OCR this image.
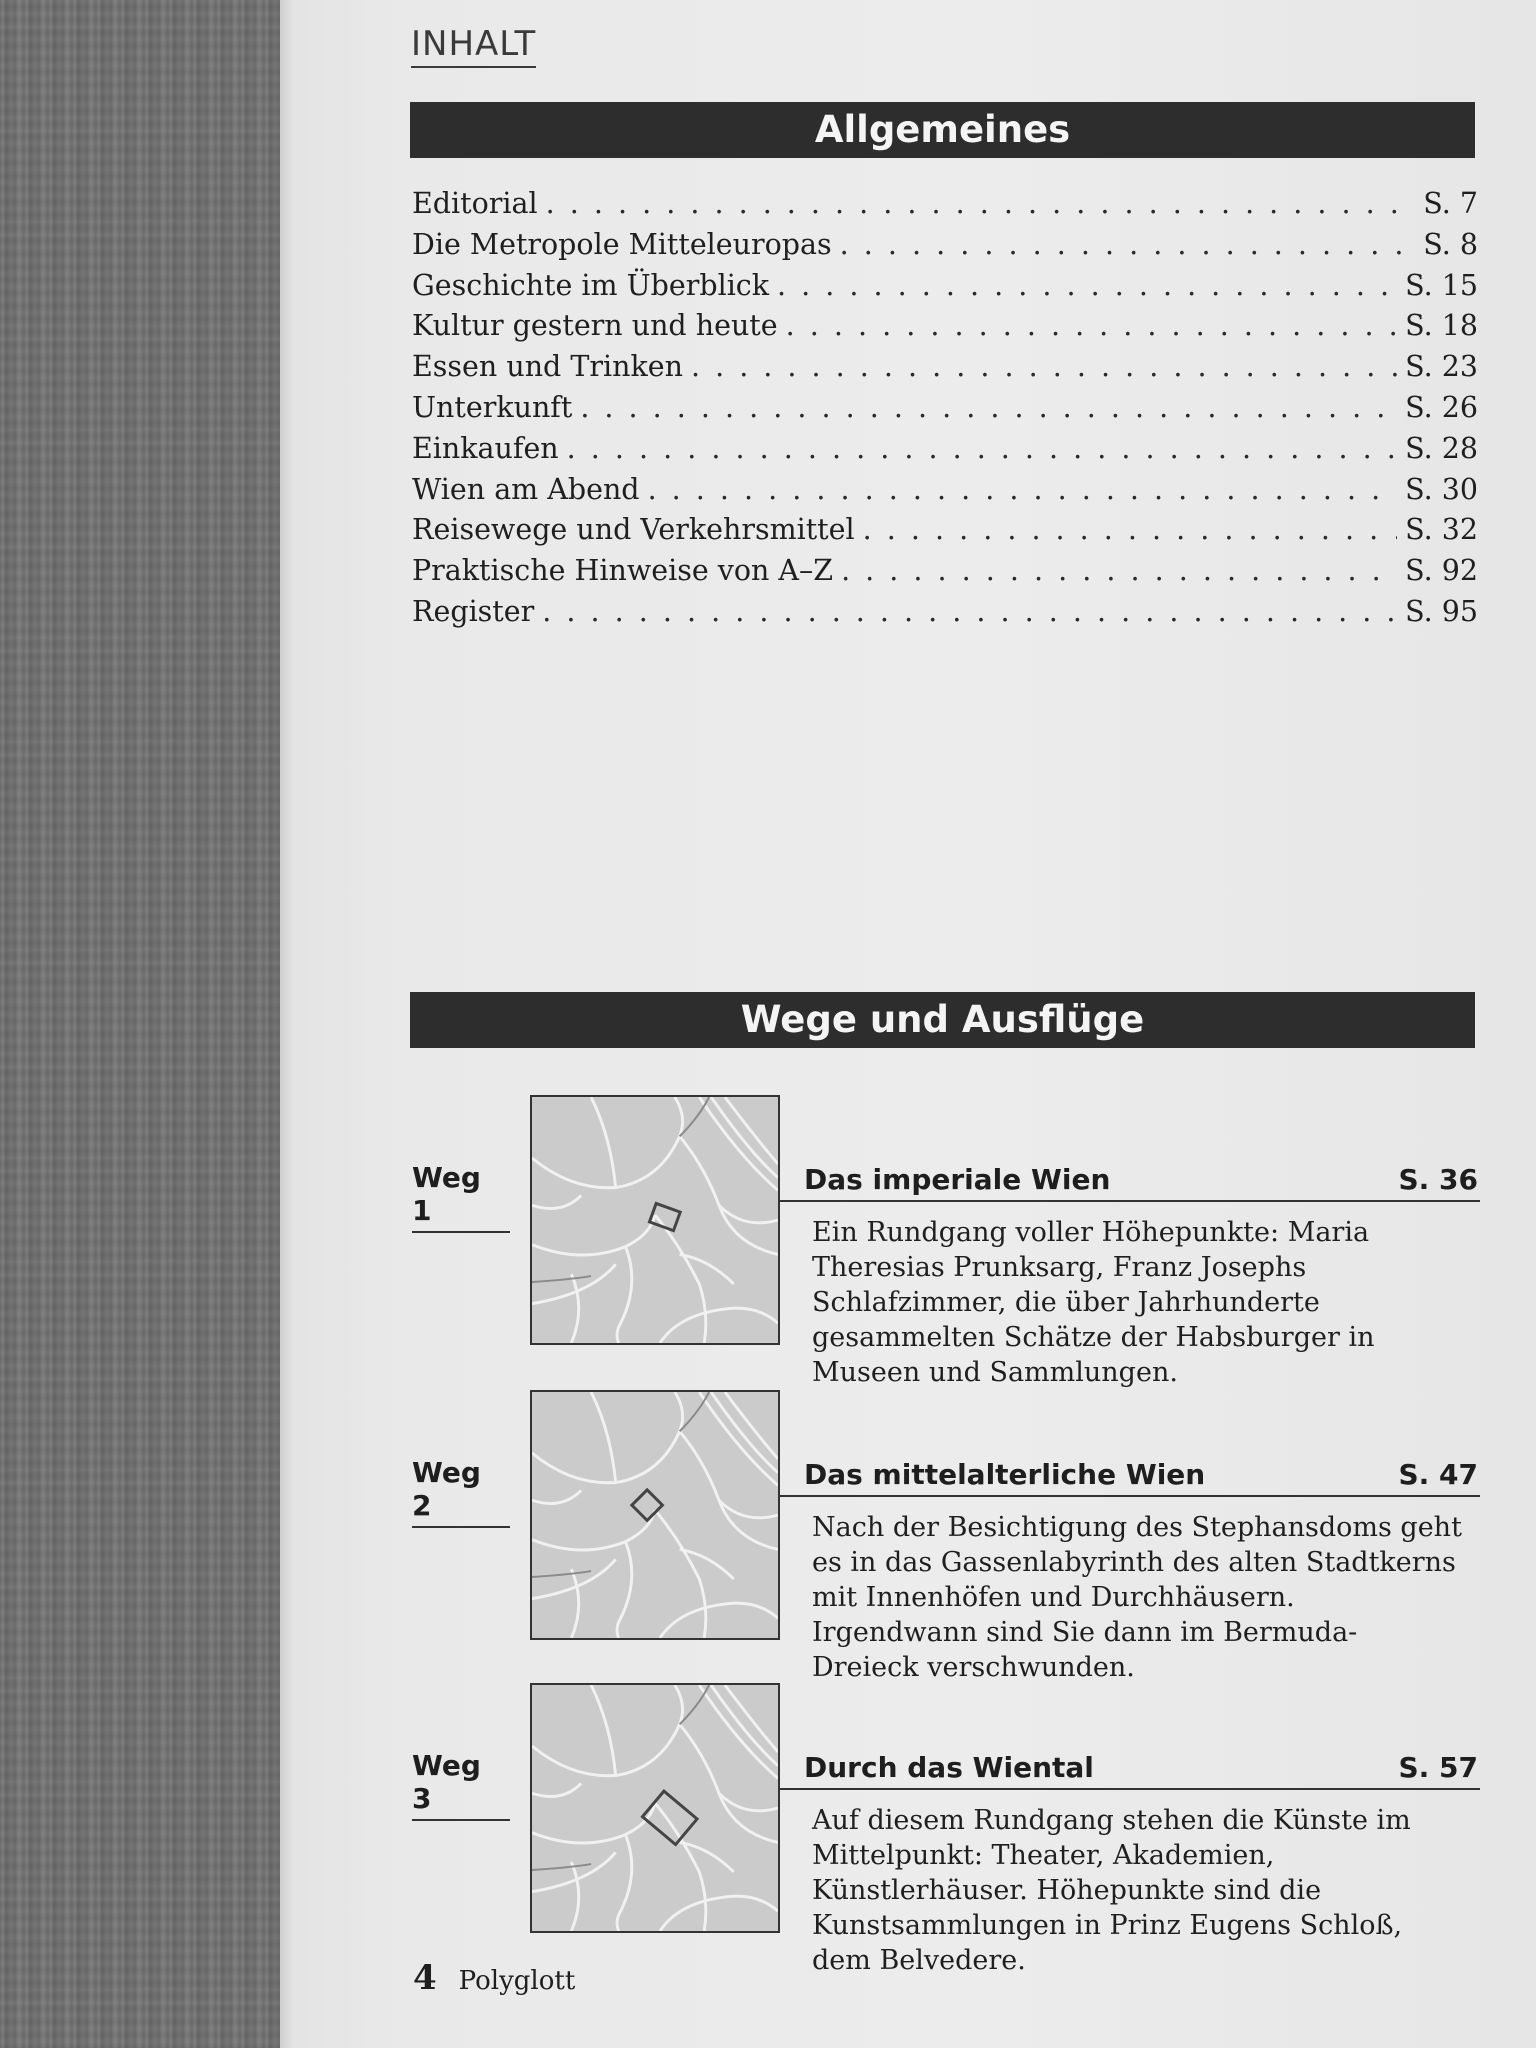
INHALT
Allgemeines
Editorial . . .	S. 7
Die Metropole Mitteleuropas . . .	S. 8
Geschichte im Überblick . . .	S. 15
Kultur gestern und heute . . .	S. 18
Essen und Trinken . . .	S. 23
Unterkunft . . .	S. 26
Einkaufen . . .	S. 28
Wien am Abend . . .	S. 30
Reisewege und Verkehrsmittel . . .	S. 32
Praktische Hinweise von A–Z . . .	S. 92
Register . . .	S. 95
Wege und Ausflüge
Weg 1
Das imperiale Wien	S. 36
Ein Rundgang voller Höhepunkte: Maria Theresias Prunksarg, Franz Josephs Schlafzimmer, die über Jahrhunderte gesammelten Schätze der Habsburger in Museen und Sammlungen.
Weg 2
Das mittelalterliche Wien	S. 47
Nach der Besichtigung des Stephansdoms geht es in das Gassenlabyrinth des alten Stadtkerns mit Innenhöfen und Durchhäusern. Irgendwann sind Sie dann im Bermuda-Dreieck verschwunden.
Weg 3
Durch das Wiental	S. 57
Auf diesem Rundgang stehen die Künste im Mittelpunkt: Theater, Akademien, Künstlerhäuser. Höhepunkte sind die Kunstsammlungen in Prinz Eugens Schloß, dem Belvedere.
4 Polyglott
